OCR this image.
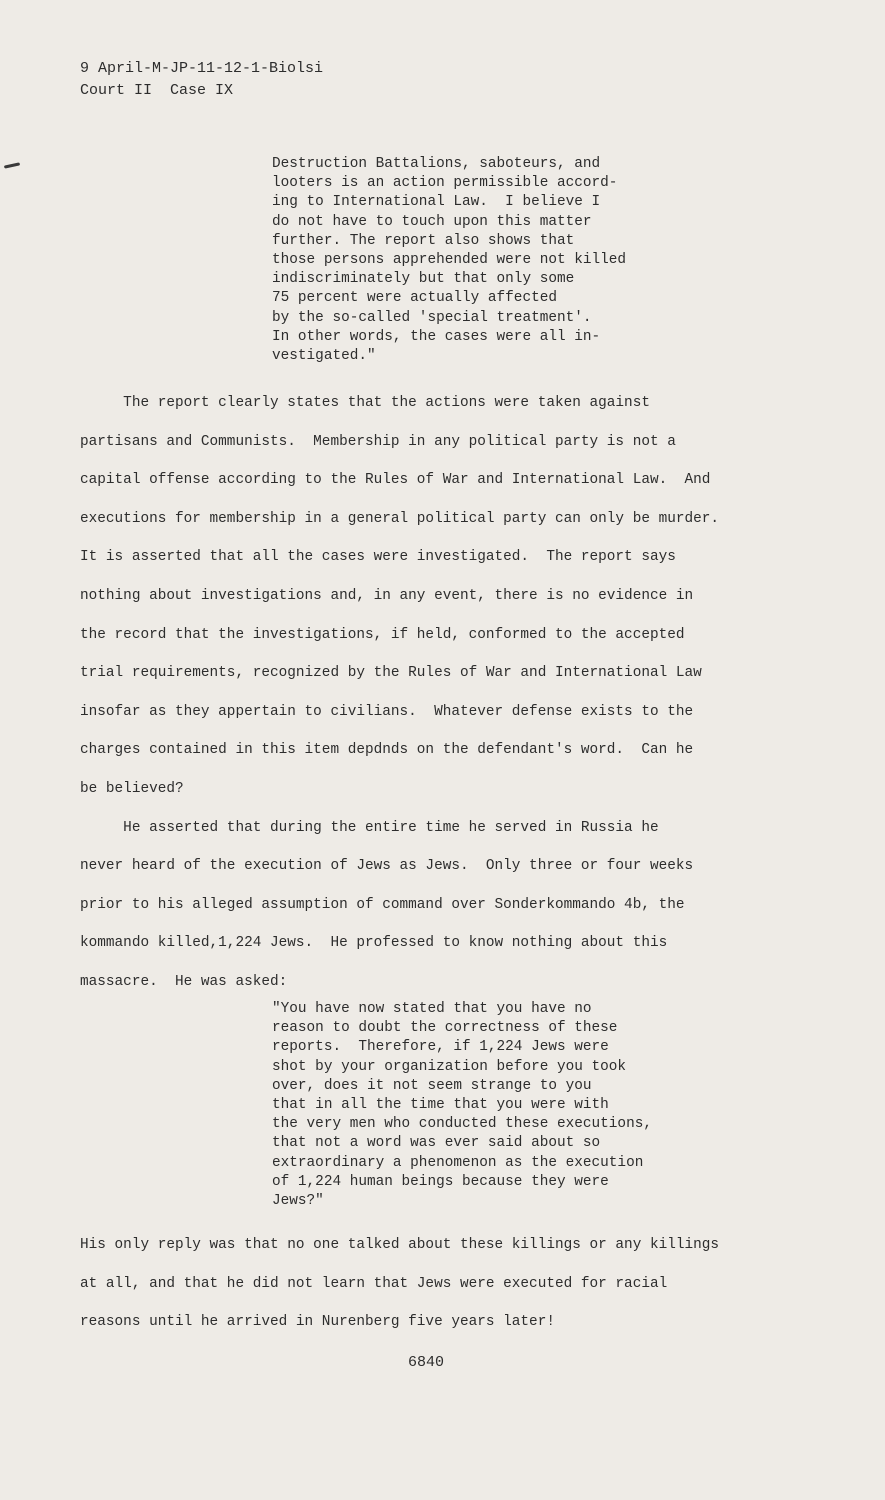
9 April-M-JP-11-12-1-Biolsi
Court II  Case IX
Destruction Battalions, saboteurs, and
looters is an action permissible accord-
ing to International Law.  I believe I
do not have to touch upon this matter
further. The report also shows that
those persons apprehended were not killed
indiscriminately but that only some
75 percent were actually affected
by the so-called 'special treatment'.
In other words, the cases were all in-
vestigated."
The report clearly states that the actions were taken against
partisans and Communists.  Membership in any political party is not a
capital offense according to the Rules of War and International Law.  And
executions for membership in a general political party can only be murder.
It is asserted that all the cases were investigated.  The report says
nothing about investigations and, in any event, there is no evidence in
the record that the investigations, if held, conformed to the accepted
trial requirements, recognized by the Rules of War and International Law
insofar as they appertain to civilians.  Whatever defense exists to the
charges contained in this item depdnds on the defendant's word.  Can he
be believed?
He asserted that during the entire time he served in Russia he
never heard of the execution of Jews as Jews.  Only three or four weeks
prior to his alleged assumption of command over Sonderkommando 4b, the
kommando killed,1,224 Jews.  He professed to know nothing about this
massacre.  He was asked:
"You have now stated that you have no
reason to doubt the correctness of these
reports.  Therefore, if 1,224 Jews were
shot by your organization before you took
over, does it not seem strange to you
that in all the time that you were with
the very men who conducted these executions,
that not a word was ever said about so
extraordinary a phenomenon as the execution
of 1,224 human beings because they were
Jews?"
His only reply was that no one talked about these killings or any killings
at all, and that he did not learn that Jews were executed for racial
reasons until he arrived in Nurenberg five years later!
6840
